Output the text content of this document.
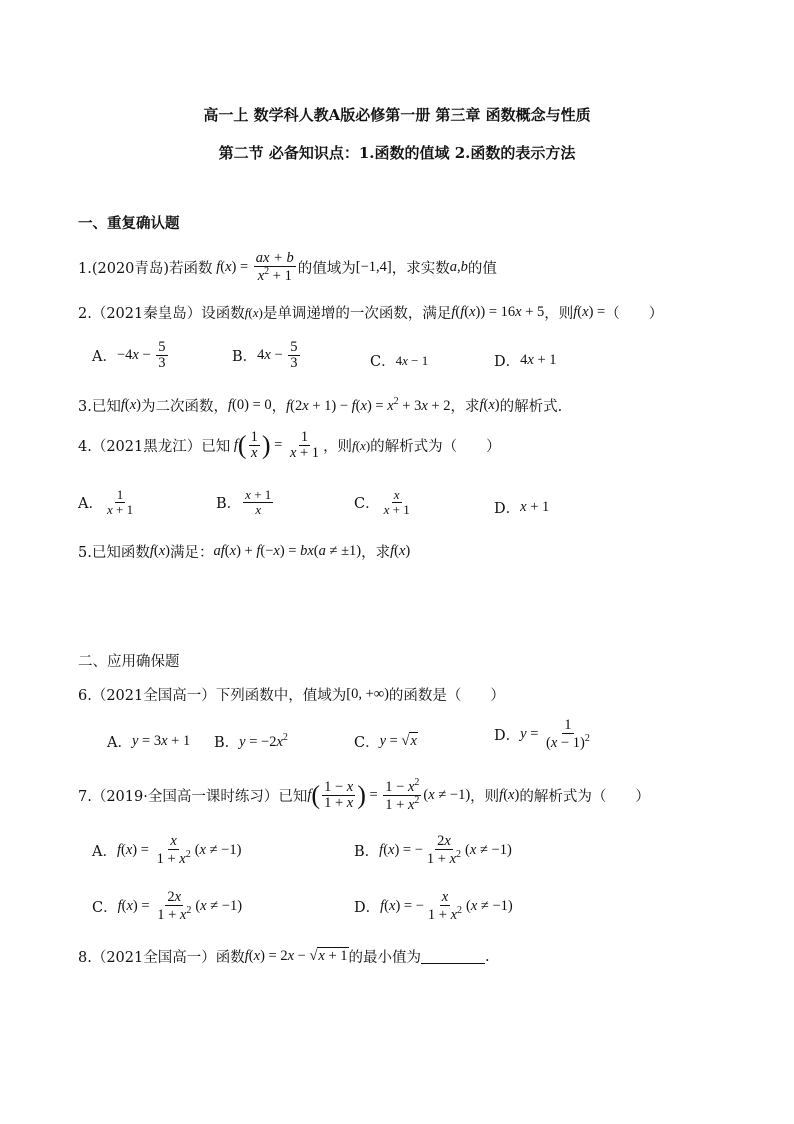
高一上 数学科人教A版必修第一册 第三章 函数概念与性质
第二节 必备知识点：1.函数的值域 2.函数的表示方法
一、重复确认题
1.(2020青岛)若函数 $f(x) = \frac{ax + b}{x^2 + 1}$ 的值域为 [−1,4] ，求实数 a,b 的值
2.（2021秦皇岛）设函数 f(x) 是单调递增的一次函数，满足 f(f(x)) = 16x + 5 ，则 f(x) = （　　）
A． $-4x - \frac{5}{3}$	B． $4x - \frac{5}{3}$	C． 4x − 1	D． 4x + 1
3.已知 f(x) 为二次函数， f(0) = 0 ， $f(2x + 1) - f(x) = x^2 + 3x + 2$ ，求 f(x) 的解析式.
4.（2021黑龙江）已知 $f( \frac{1}{x}$ ) = $\frac{1}{x + 1}$ ，则 f(x) 的解析式为（　　）
A． $\frac{1}{x + 1}$	B． $\frac{x + 1}{x}$	C． $\frac{x}{x + 1}$	D． x + 1
5.已知函数 f(x) 满足： af(x) + f(−x) = bx(a ≠ ±1) ，求 f(x)
二、应用确保题
6.（2021全国高一）下列函数中，值域为 [0, +∞) 的函数是（　　）
A． y = 3x + 1 B． $y = -2x^2$	C． y = √x	D． $y = \frac{1}{(x - 1)^2}$
7.（2019·全国高一课时练习）已知 $f( \frac{1 - x}{1 + x}$ ) = $\frac{1 - x^2}{1 + x^2} (x \ne -1)$ ，则 f(x) 的解析式为（　　）
A． $f(x) = \frac{x}{1 + x^2} (x \ne -1)$	B． f(x) = − $\frac{2x}{1 + x^2} (x \ne -1)$
C． $f(x) = \frac{2x}{1 + x^2} (x \ne -1)$	D． f(x) = − $\frac{x}{1 + x^2} (x \ne -1)$
8.（2021全国高一）函数 f(x) = 2x − √x + 1 的最小值为	.
